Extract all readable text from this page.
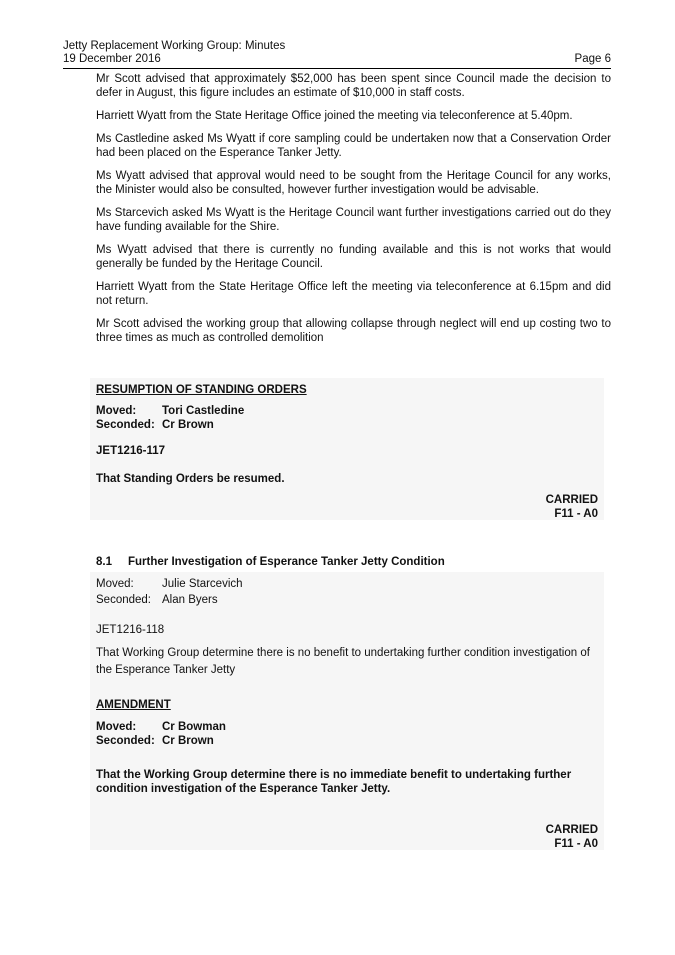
Jetty Replacement Working Group: Minutes
19 December 2016	Page 6

Mr Scott advised that approximately $52,000 has been spent since Council made the decision to defer in August, this figure includes an estimate of $10,000 in staff costs.

Harriett Wyatt from the State Heritage Office joined the meeting via teleconference at 5.40pm.

Ms Castledine asked Ms Wyatt if core sampling could be undertaken now that a Conservation Order had been placed on the Esperance Tanker Jetty.

Ms Wyatt advised that approval would need to be sought from the Heritage Council for any works, the Minister would also be consulted, however further investigation would be advisable.

Ms Starcevich asked Ms Wyatt is the Heritage Council want further investigations carried out do they have funding available for the Shire.

Ms Wyatt advised that there is currently no funding available and this is not works that would generally be funded by the Heritage Council.

Harriett Wyatt from the State Heritage Office left the meeting via teleconference at 6.15pm and did not return.

Mr Scott advised the working group that allowing collapse through neglect will end up costing two to three times as much as controlled demolition

RESUMPTION OF STANDING ORDERS
Moved:	Tori Castledine
Seconded: Cr Brown
JET1216-117
That Standing Orders be resumed.
CARRIED
F11 - A0
8.1 Further Investigation of Esperance Tanker Jetty Condition
Moved:	Julie Starcevich
Seconded: Alan Byers
JET1216-118
That Working Group determine there is no benefit to undertaking further condition investigation of the Esperance Tanker Jetty
AMENDMENT
Moved:	Cr Bowman
Seconded: Cr Brown
That the Working Group determine there is no immediate benefit to undertaking further condition investigation of the Esperance Tanker Jetty.
CARRIED
F11 - A0
